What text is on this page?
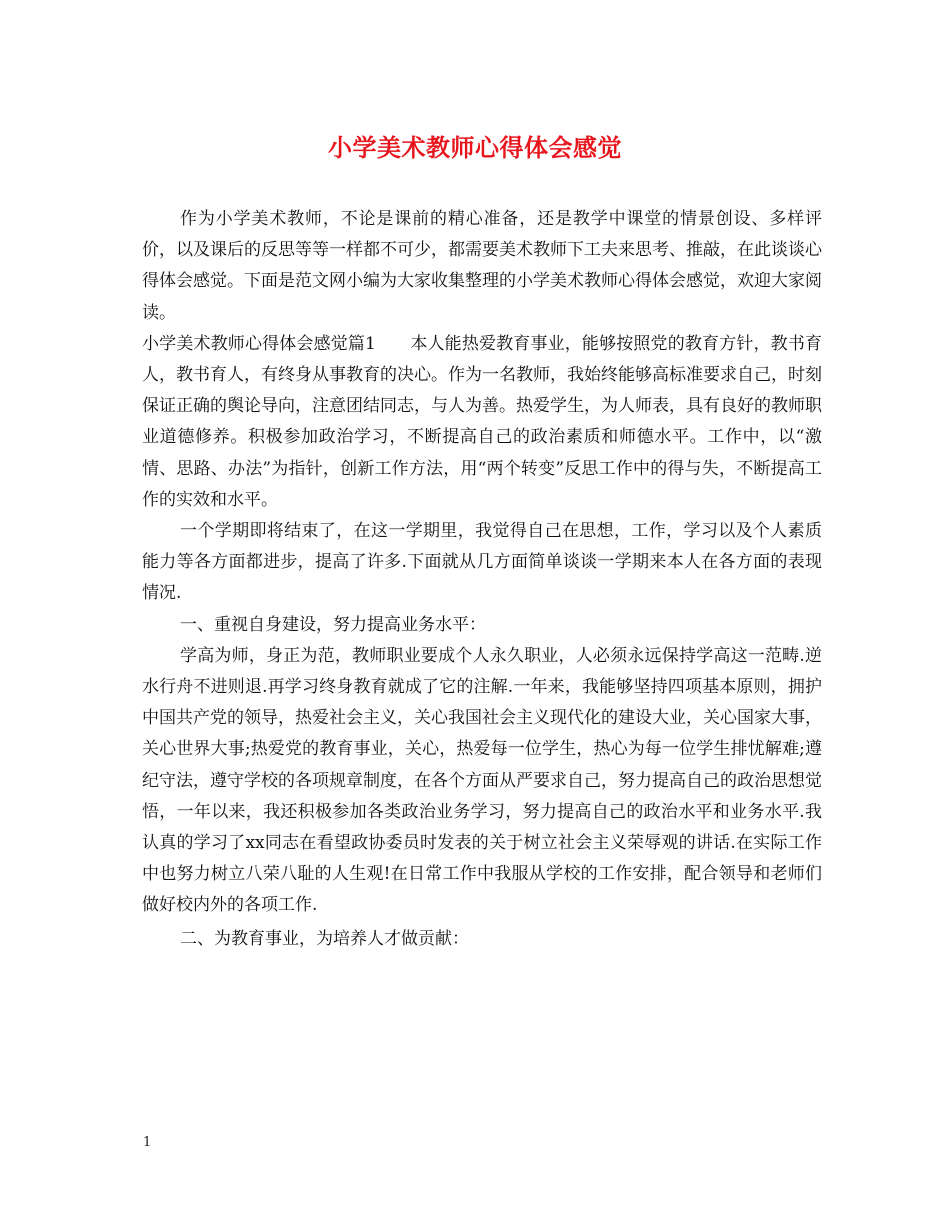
小学美术教师心得体会感觉

作为小学美术教师，不论是课前的精心准备，还是教学中课堂的情景创设、多样评价，以及课后的反思等等一样都不可少，都需要美术教师下工夫来思考、推敲，在此谈谈心得体会感觉。下面是范文网小编为大家收集整理的小学美术教师心得体会感觉，欢迎大家阅读。

小学美术教师心得体会感觉篇1　　本人能热爱教育事业，能够按照党的教育方针，教书育人，教书育人，有终身从事教育的决心。作为一名教师，我始终能够高标准要求自己，时刻保证正确的舆论导向，注意团结同志，与人为善。热爱学生，为人师表，具有良好的教师职业道德修养。积极参加政治学习，不断提高自己的政治素质和师德水平。工作中，以“激情、思路、办法”为指针，创新工作方法，用“两个转变”反思工作中的得与失，不断提高工作的实效和水平。

一个学期即将结束了，在这一学期里，我觉得自己在思想，工作，学习以及个人素质能力等各方面都进步，提高了许多.下面就从几方面简单谈谈一学期来本人在各方面的表现情况.

一、重视自身建设，努力提高业务水平：

学高为师，身正为范，教师职业要成个人永久职业，人必须永远保持学高这一范畴.逆水行舟不进则退.再学习终身教育就成了它的注解.一年来，我能够坚持四项基本原则，拥护中国共产党的领导，热爱社会主义，关心我国社会主义现代化的建设大业，关心国家大事，关心世界大事;热爱党的教育事业，关心，热爱每一位学生，热心为每一位学生排忧解难;遵纪守法，遵守学校的各项规章制度，在各个方面从严要求自己，努力提高自己的政治思想觉悟，一年以来，我还积极参加各类政治业务学习，努力提高自己的政治水平和业务水平.我认真的学习了xx同志在看望政协委员时发表的关于树立社会主义荣辱观的讲话.在实际工作中也努力树立八荣八耻的人生观!在日常工作中我服从学校的工作安排，配合领导和老师们做好校内外的各项工作.

二、为教育事业，为培养人才做贡献：

1
